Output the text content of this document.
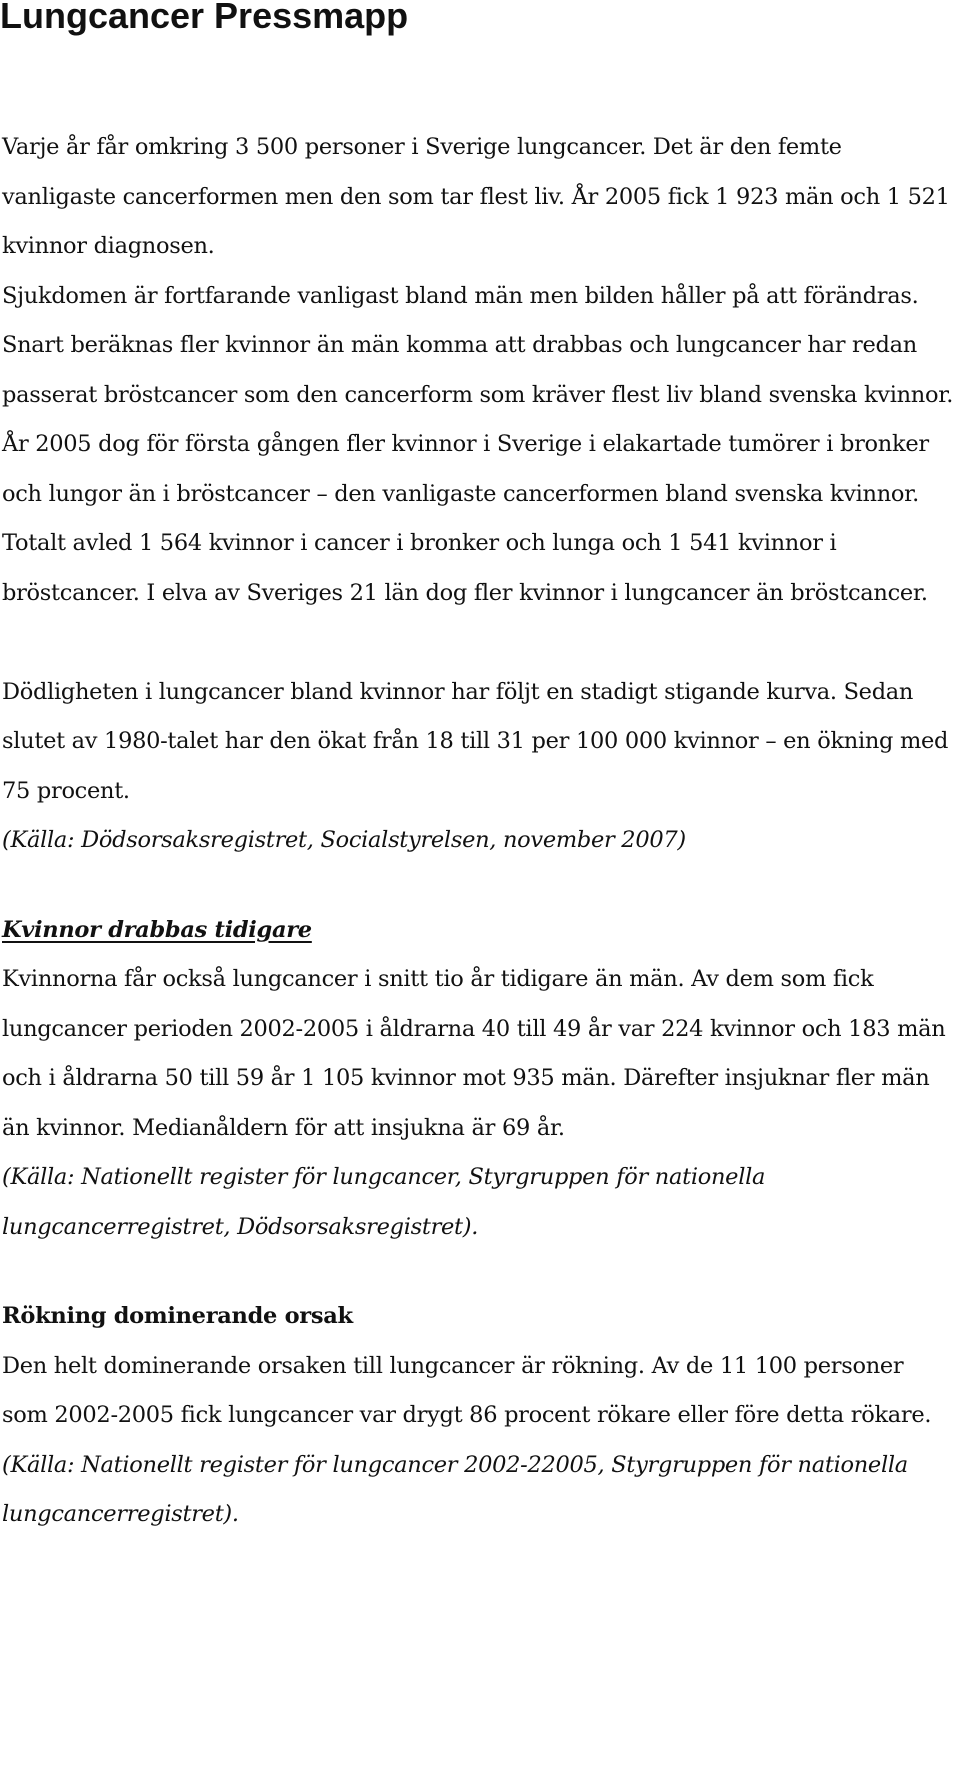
Lungcancer Pressmapp

Varje år får omkring 3 500 personer i Sverige lungcancer. Det är den femte vanligaste cancerformen men den som tar flest liv. År 2005 fick 1 923 män och 1 521 kvinnor diagnosen.

Sjukdomen är fortfarande vanligast bland män men bilden håller på att förändras. Snart beräknas fler kvinnor än män komma att drabbas och lungcancer har redan passerat bröstcancer som den cancerform som kräver flest liv bland svenska kvinnor.

År 2005 dog för första gången fler kvinnor i Sverige i elakartade tumörer i bronker och lungor än i bröstcancer – den vanligaste cancerformen bland svenska kvinnor. Totalt avled 1 564 kvinnor i cancer i bronker och lunga och 1 541 kvinnor i bröstcancer. I elva av Sveriges 21 län dog fler kvinnor i lungcancer än bröstcancer.

Dödligheten i lungcancer bland kvinnor har följt en stadigt stigande kurva. Sedan slutet av 1980-talet har den ökat från 18 till 31 per 100 000 kvinnor – en ökning med 75 procent.

(Källa: Dödsorsaksregistret, Socialstyrelsen, november 2007)

Kvinnor drabbas tidigare

Kvinnorna får också lungcancer i snitt tio år tidigare än män. Av dem som fick lungcancer perioden 2002-2005 i åldrarna 40 till 49 år var 224 kvinnor och 183 män och i åldrarna 50 till 59 år 1 105 kvinnor mot 935 män. Därefter insjuknar fler män än kvinnor. Medianåldern för att insjukna är 69 år.

(Källa: Nationellt register för lungcancer, Styrgruppen för nationella lungcancerregistret, Dödsorsaksregistret).

Rökning dominerande orsak

Den helt dominerande orsaken till lungcancer är rökning. Av de 11 100 personer som 2002-2005 fick lungcancer var drygt 86 procent rökare eller före detta rökare.

(Källa: Nationellt register för lungcancer 2002-22005, Styrgruppen för nationella lungcancerregistret).
